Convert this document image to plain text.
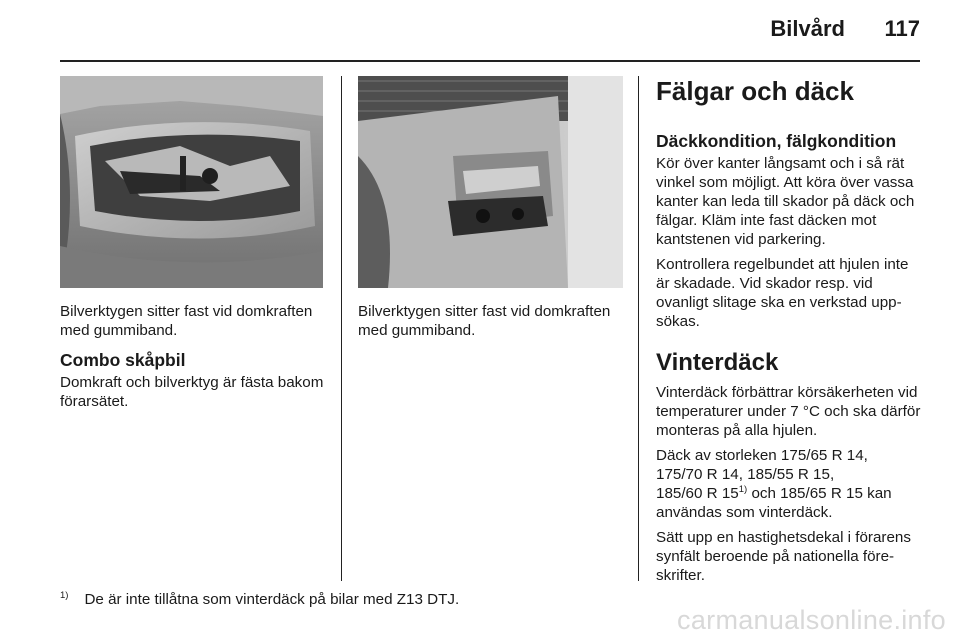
Bilvård 117

Bilverktygen sitter fast vid domkraften med gummiband.

Combo skåpbil

Domkraft och bilverktyg är fästa bakom förarsätet.

Bilverktygen sitter fast vid domkraften med gummiband.

Fälgar och däck
Däckkondition, fälgkondition

Kör över kanter långsamt och i så rät vinkel som möjligt. Att köra över vassa kanter kan leda till skador på däck och fälgar. Kläm inte fast däcken mot kantstenen vid parkering.

Kontrollera regelbundet att hjulen inte är skadade. Vid skador resp. vid ovanligt slitage ska en verkstad upp-sökas.

Vinterdäck

Vinterdäck förbättrar körsäkerheten vid temperaturer under 7 °C och ska därför monteras på alla hjulen.

Däck av storleken 175/65 R 14,
175/70 R 14, 185/55 R 15,
185/60 R 15$^{1)}$ och 185/65 R 15 kan
användas som vinterdäck.

Sätt upp en hastighetsdekal i förarens synfält beroende på nationella före-skrifter.

$^{1)}$ De är inte tillåtna som vinterdäck på bilar med Z13 DTJ.
carmanualsonline.info
